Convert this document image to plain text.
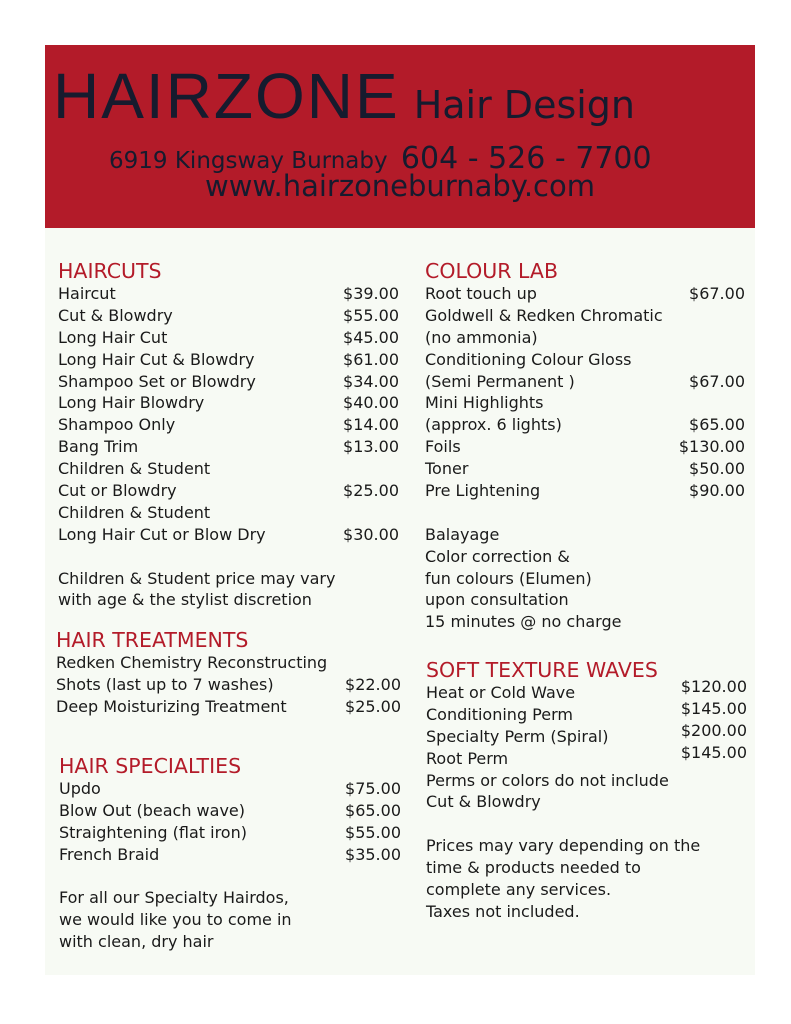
HAIRZONE Hair Design
6919 Kingsway Burnaby 604 - 526 - 7700
www.hairzoneburnaby.com
HAIRCUTS
Haircut	$39.00
Cut & Blowdry	$55.00
Long Hair Cut	$45.00
Long Hair Cut & Blowdry	$61.00
Shampoo Set or Blowdry	$34.00
Long Hair Blowdry	$40.00
Shampoo Only	$14.00
Bang Trim	$13.00
Children & Student
Cut or Blowdry	$25.00
Children & Student
Long Hair Cut or Blow Dry	$30.00
Children & Student price may vary
with age & the stylist discretion
HAIR TREATMENTS
Redken Chemistry Reconstructing
Shots (last up to 7 washes)	$22.00
Deep Moisturizing Treatment	$25.00
HAIR SPECIALTIES
Updo	$75.00
Blow Out (beach wave)	$65.00
Straightening (flat iron)	$55.00
French Braid	$35.00
For all our Specialty Hairdos,
we would like you to come in
with clean, dry hair
COLOUR LAB
Root touch up	$67.00
Goldwell & Redken Chromatic
(no ammonia)
Conditioning Colour Gloss
(Semi Permanent )	$67.00
Mini Highlights
(approx. 6 lights)	$65.00
Foils	$130.00
Toner	$50.00
Pre Lightening	$90.00
Balayage
Color correction &
fun colours (Elumen)
upon consultation
15 minutes @ no charge
SOFT TEXTURE WAVES
Heat or Cold Wave	$120.00
Conditioning Perm	$145.00
Specialty Perm (Spiral)	$200.00
Root Perm	$145.00
Perms or colors do not include
Cut & Blowdry
Prices may vary depending on the
time & products needed to
complete any services.
Taxes not included.
